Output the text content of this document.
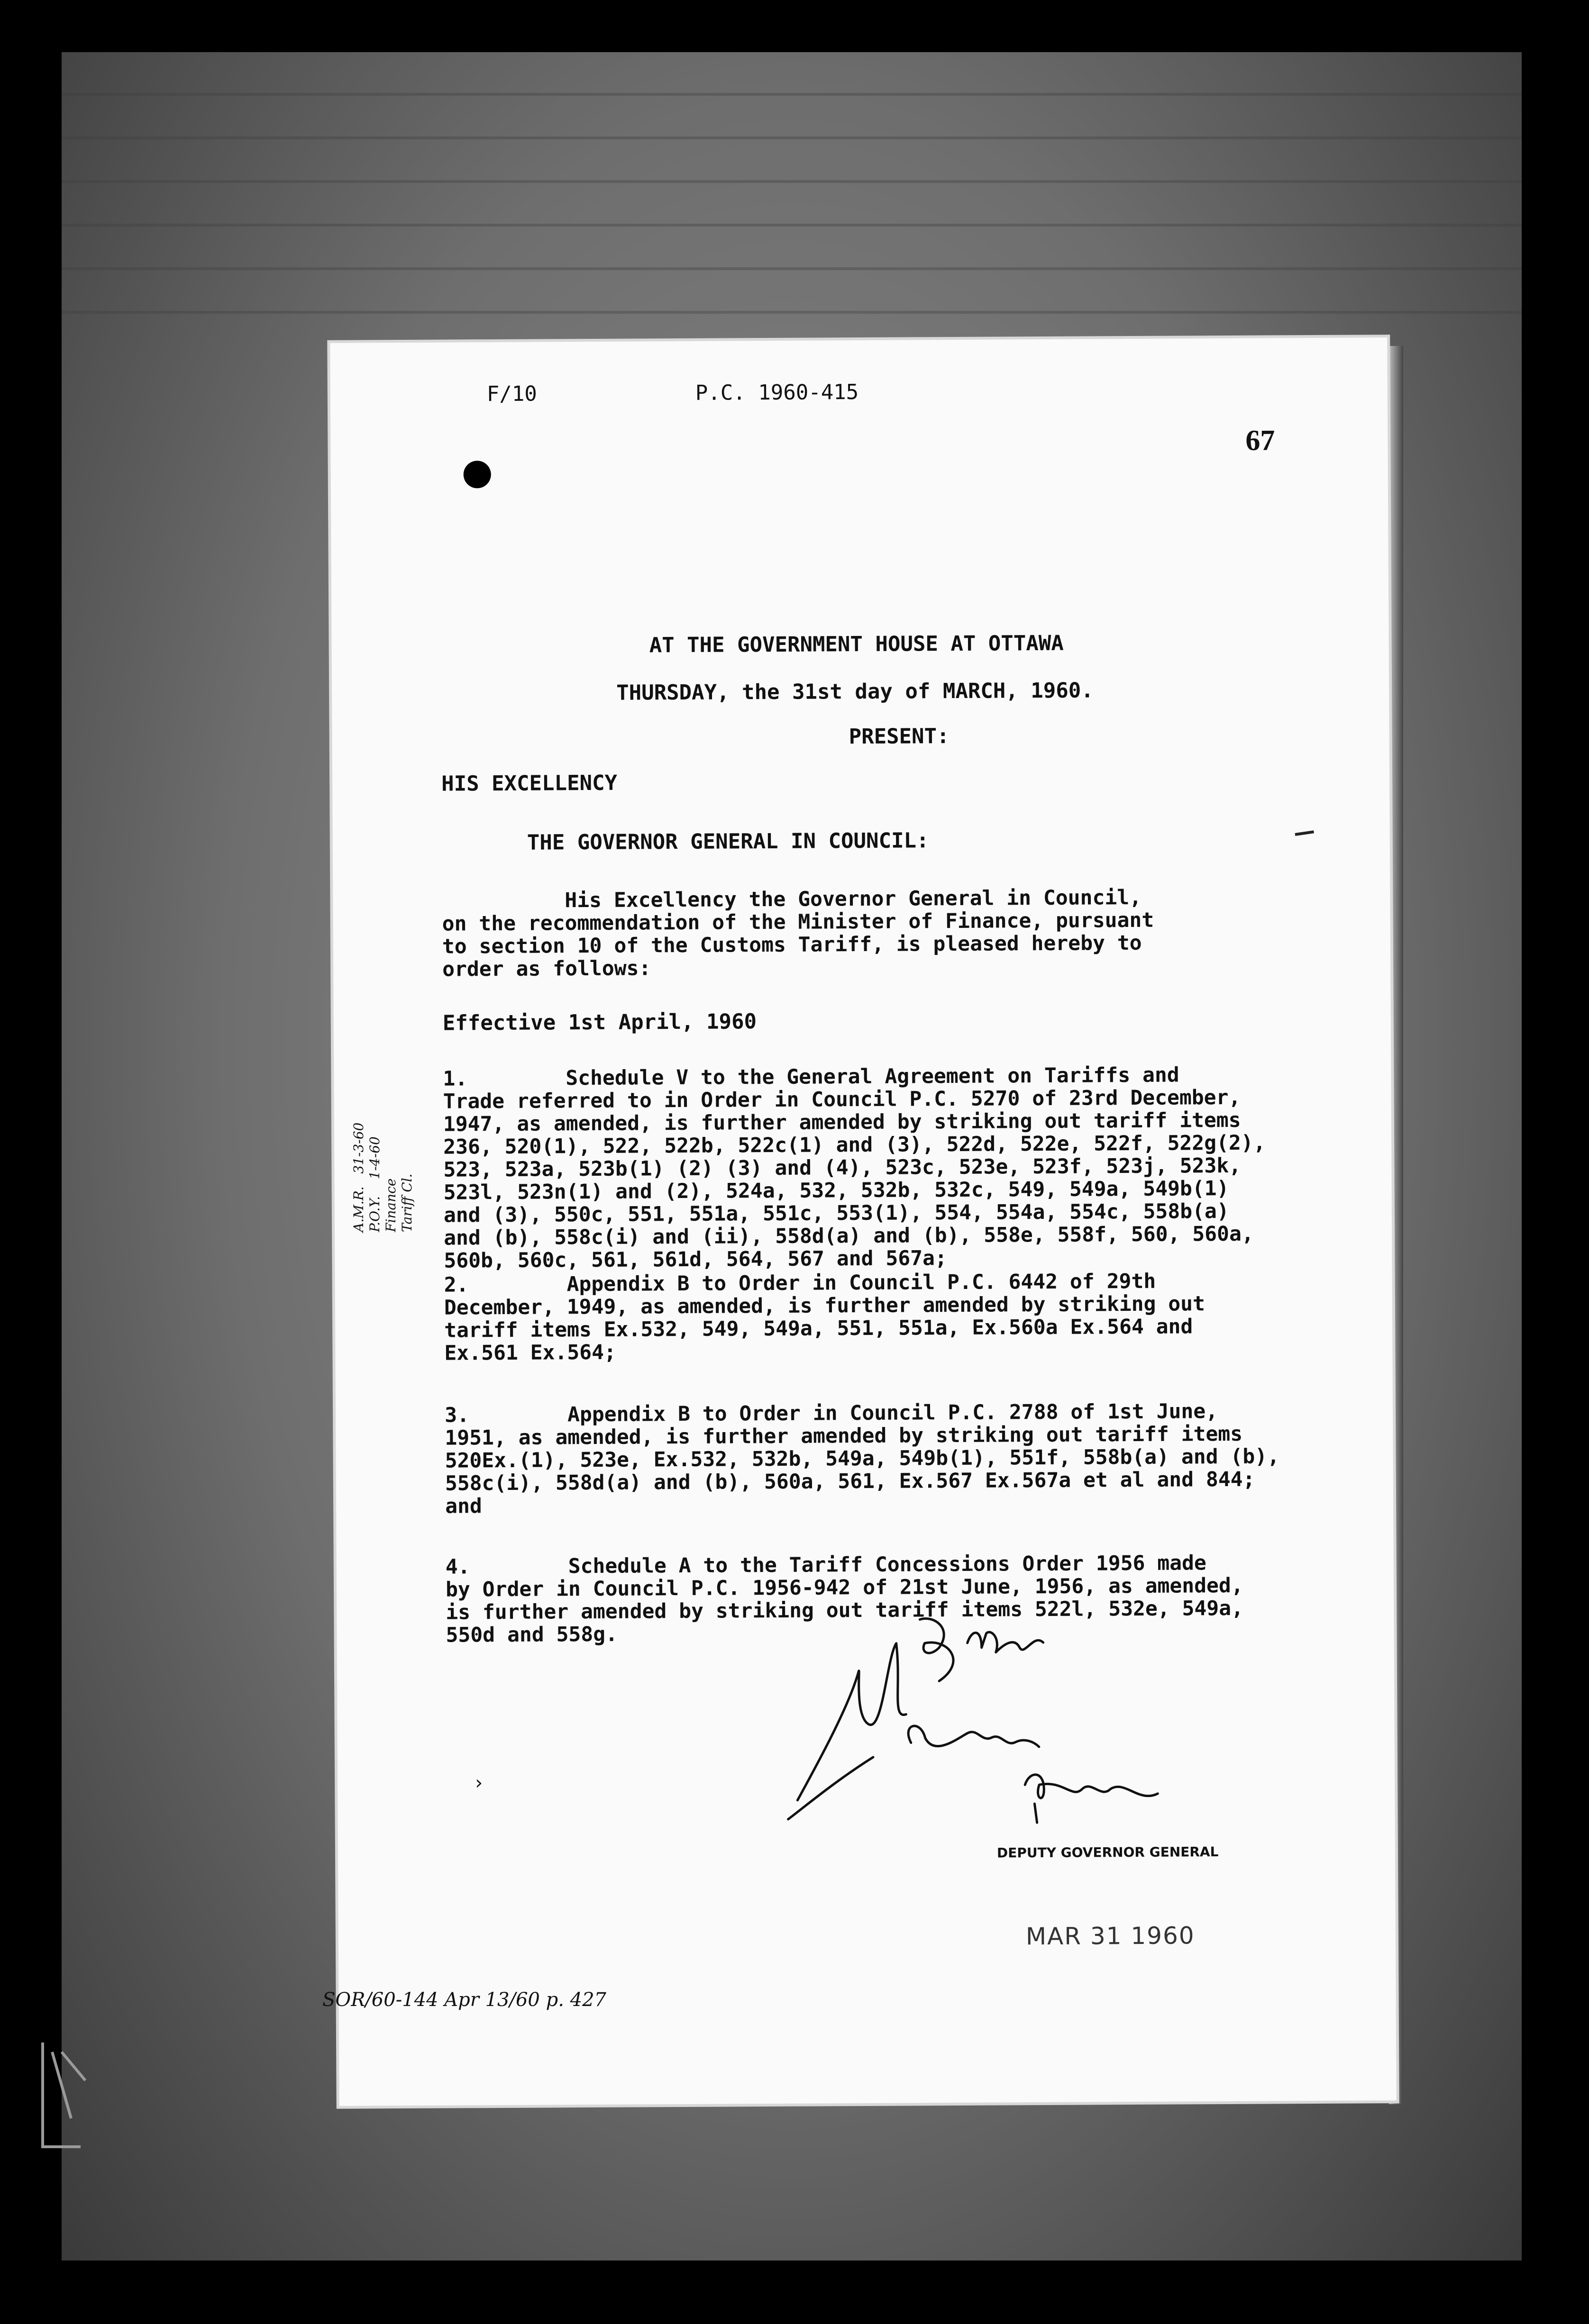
F/10	P.C. 1960-415
67
AT THE GOVERNMENT HOUSE AT OTTAWA
THURSDAY, the 31st day of MARCH, 1960.
PRESENT:
HIS EXCELLENCY
THE GOVERNOR GENERAL IN COUNCIL:
His Excellency the Governor General in Council,
on the recommendation of the Minister of Finance, pursuant
to section 10 of the Customs Tariff, is pleased hereby to
order as follows:
Effective 1st April, 1960
1.        Schedule V to the General Agreement on Tariffs and
Trade referred to in Order in Council P.C. 5270 of 23rd December,
1947, as amended, is further amended by striking out tariff items
236, 520(1), 522, 522b, 522c(1) and (3), 522d, 522e, 522f, 522g(2),
523, 523a, 523b(1) (2) (3) and (4), 523c, 523e, 523f, 523j, 523k,
523l, 523n(1) and (2), 524a, 532, 532b, 532c, 549, 549a, 549b(1)
and (3), 550c, 551, 551a, 551c, 553(1), 554, 554a, 554c, 558b(a)
and (b), 558c(i) and (ii), 558d(a) and (b), 558e, 558f, 560, 560a,
560b, 560c, 561, 561d, 564, 567 and 567a;
2.        Appendix B to Order in Council P.C. 6442 of 29th
December, 1949, as amended, is further amended by striking out
tariff items Ex.532, 549, 549a, 551, 551a, Ex.560a Ex.564 and
Ex.561 Ex.564;
3.        Appendix B to Order in Council P.C. 2788 of 1st June,
1951, as amended, is further amended by striking out tariff items
520Ex.(1), 523e, Ex.532, 532b, 549a, 549b(1), 551f, 558b(a) and (b),
558c(i), 558d(a) and (b), 560a, 561, Ex.567 Ex.567a et al and 844;
and
4.        Schedule A to the Tariff Concessions Order 1956 made
by Order in Council P.C. 1956-942 of 21st June, 1956, as amended,
is further amended by striking out tariff items 522l, 532e, 549a,
550d and 558g.
DEPUTY GOVERNOR GENERAL
MAR 31 1960
›
A.M.R.   31-3-60
P.O.Y.    1-4-60
Finance
Tariff Cl.
SOR/60-144 Apr 13/60 p. 427
